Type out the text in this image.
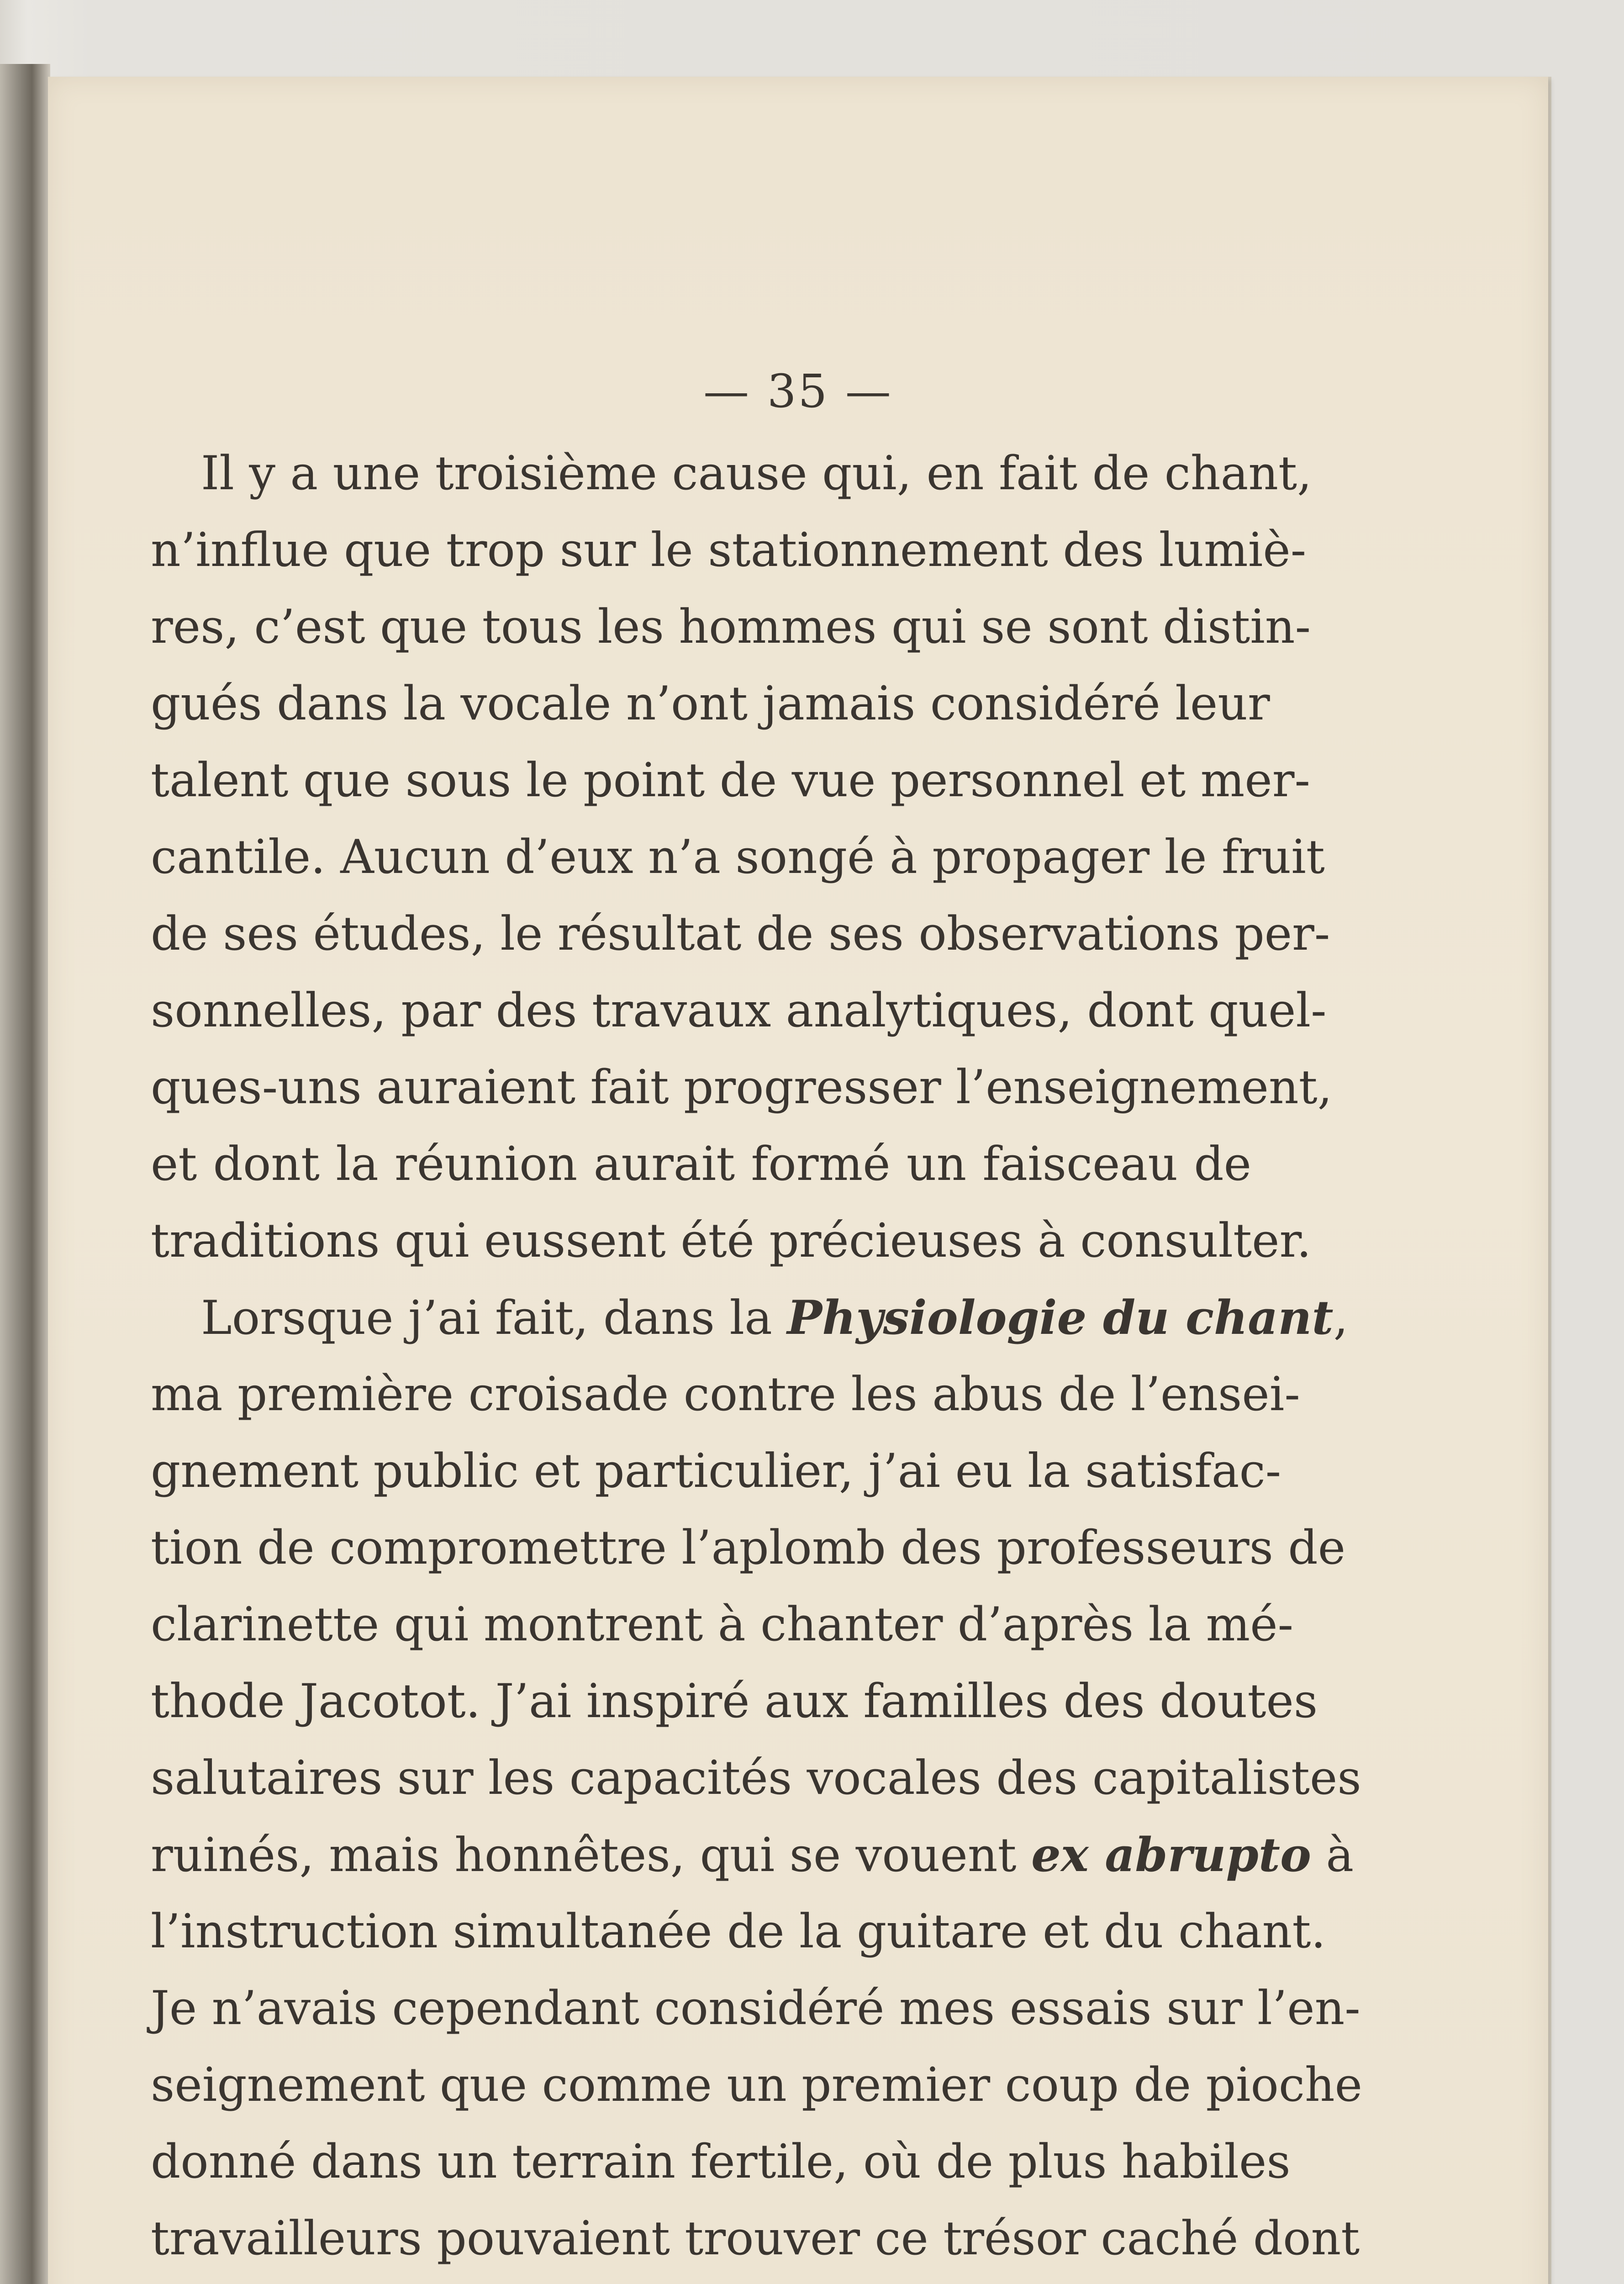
— 35 —
Il y a une troisième cause qui, en fait de chant,
n’influe que trop sur le stationnement des lumiè-
res, c’est que tous les hommes qui se sont distin-
gués dans la vocale n’ont jamais considéré leur
talent que sous le point de vue personnel et mer-
cantile. Aucun d’eux n’a songé à propager le fruit
de ses études, le résultat de ses observations per-
sonnelles, par des travaux analytiques, dont quel-
ques-uns auraient fait progresser l’enseignement,
et dont la réunion aurait formé un faisceau de
traditions qui eussent été précieuses à consulter.
Lorsque j’ai fait, dans la Physiologie du chant,
ma première croisade contre les abus de l’ensei-
gnement public et particulier, j’ai eu la satisfac-
tion de compromettre l’aplomb des professeurs de
clarinette qui montrent à chanter d’après la mé-
thode Jacotot. J’ai inspiré aux familles des doutes
salutaires sur les capacités vocales des capitalistes
ruinés, mais honnêtes, qui se vouent ex abrupto à
l’instruction simultanée de la guitare et du chant.
Je n’avais cependant considéré mes essais sur l’en-
seignement que comme un premier coup de pioche
donné dans un terrain fertile, où de plus habiles
travailleurs pouvaient trouver ce trésor caché dont
